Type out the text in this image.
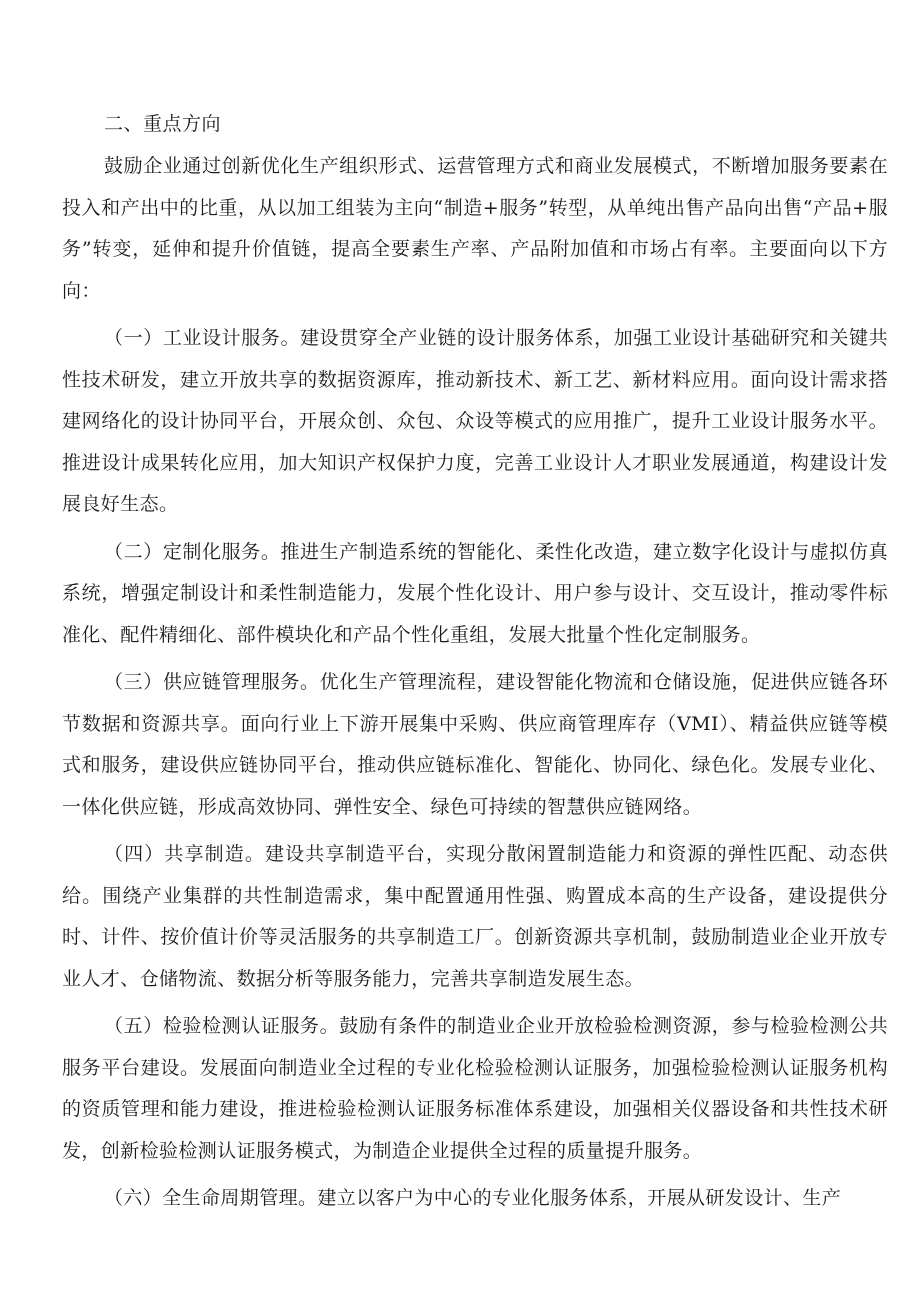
二、重点方向

鼓励企业通过创新优化生产组织形式、运营管理方式和商业发展模式，不断增加服务要素在投入和产出中的比重，从以加工组装为主向“制造+服务”转型，从单纯出售产品向出售“产品+服务”转变，延伸和提升价值链，提高全要素生产率、产品附加值和市场占有率。主要面向以下方向：

（一）工业设计服务。建设贯穿全产业链的设计服务体系，加强工业设计基础研究和关键共性技术研发，建立开放共享的数据资源库，推动新技术、新工艺、新材料应用。面向设计需求搭建网络化的设计协同平台，开展众创、众包、众设等模式的应用推广，提升工业设计服务水平。推进设计成果转化应用，加大知识产权保护力度，完善工业设计人才职业发展通道，构建设计发展良好生态。

（二）定制化服务。推进生产制造系统的智能化、柔性化改造，建立数字化设计与虚拟仿真系统，增强定制设计和柔性制造能力，发展个性化设计、用户参与设计、交互设计，推动零件标准化、配件精细化、部件模块化和产品个性化重组，发展大批量个性化定制服务。

（三）供应链管理服务。优化生产管理流程，建设智能化物流和仓储设施，促进供应链各环节数据和资源共享。面向行业上下游开展集中采购、供应商管理库存（VMI）、精益供应链等模式和服务，建设供应链协同平台，推动供应链标准化、智能化、协同化、绿色化。发展专业化、一体化供应链，形成高效协同、弹性安全、绿色可持续的智慧供应链网络。

（四）共享制造。建设共享制造平台，实现分散闲置制造能力和资源的弹性匹配、动态供给。围绕产业集群的共性制造需求，集中配置通用性强、购置成本高的生产设备，建设提供分时、计件、按价值计价等灵活服务的共享制造工厂。创新资源共享机制，鼓励制造业企业开放专业人才、仓储物流、数据分析等服务能力，完善共享制造发展生态。

（五）检验检测认证服务。鼓励有条件的制造业企业开放检验检测资源，参与检验检测公共服务平台建设。发展面向制造业全过程的专业化检验检测认证服务，加强检验检测认证服务机构的资质管理和能力建设，推进检验检测认证服务标准体系建设，加强相关仪器设备和共性技术研发，创新检验检测认证服务模式，为制造企业提供全过程的质量提升服务。

（六）全生命周期管理。建立以客户为中心的专业化服务体系，开展从研发设计、生产
